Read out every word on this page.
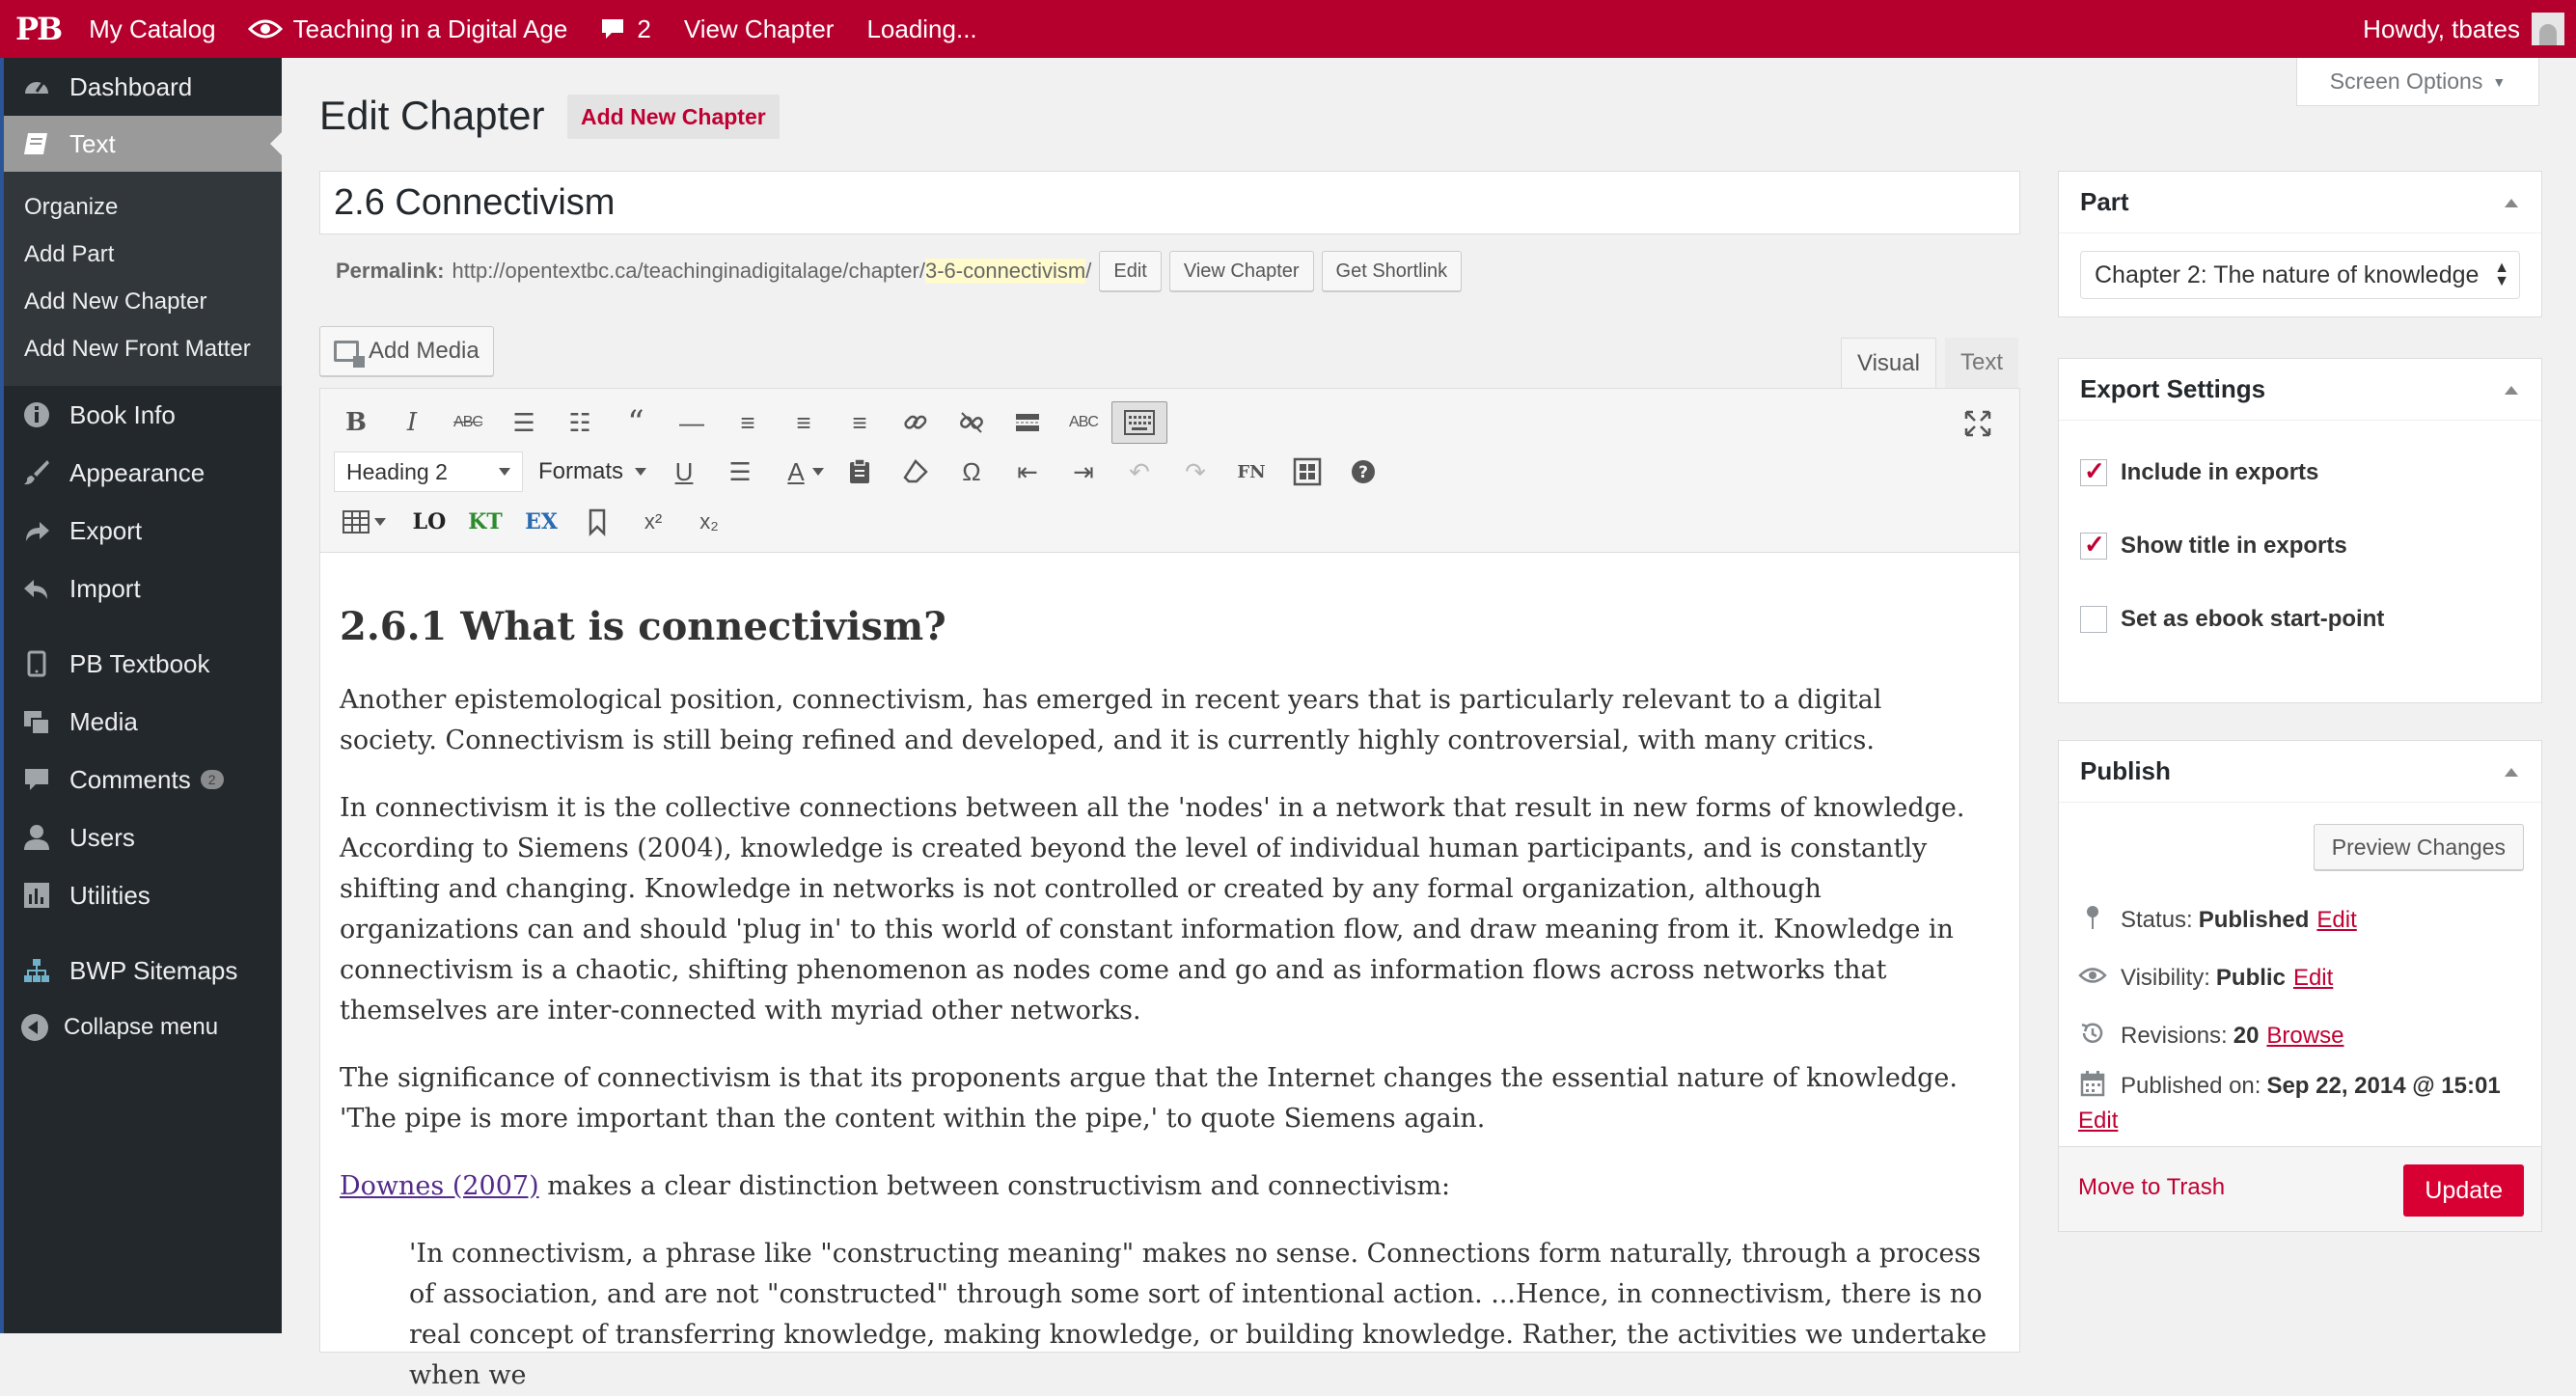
PB	My Catalog	Teaching in a Digital Age	2	View Chapter	Loading...	Howdy, tbates
Dashboard
Text
Organize
Add Part
Add New Chapter
Add New Front Matter
Book Info
Appearance
Export
Import
PB Textbook
Media
Comments	2
Users
Utilities
BWP Sitemaps
Collapse menu
Screen Options ▼
Edit Chapter	Add New Chapter
2.6 Connectivism
Permalink: http://opentextbc.ca/teachinginadigitalage/chapter/ 3-6-connectivism /	Edit	View Chapter	Get Shortlink
Add Media	Visual	Text
B	I	ABC	☰	☷	“	—	≡	≡	≡	ABC
Heading 2	Formats	U	☰	A	Ω	⇤	⇥	↶	↷	FN	?
LO	KT	EX	x²	x₂
2.6.1 What is connectivism?

Another epistemological position, connectivism, has emerged in recent years that is particularly relevant to a digital
society. Connectivism is still being refined and developed, and it is currently highly controversial, with many critics.

In connectivism it is the collective connections between all the 'nodes' in a network that result in new forms of knowledge. According to Siemens (2004), knowledge is created beyond the level of individual human participants, and is constantly shifting and changing. Knowledge in networks is not controlled or created by any formal organization, although organizations can and should 'plug in' to this world of constant information flow, and draw meaning from it. Knowledge in connectivism is a chaotic, shifting phenomenon as nodes come and go and as information flows across networks that themselves are inter-connected with myriad other networks.

The significance of connectivism is that its proponents argue that the Internet changes the essential nature of knowledge. 'The pipe is more important than the content within the pipe,' to quote Siemens again.

Downes (2007) makes a clear distinction between constructivism and connectivism:

'In connectivism, a phrase like "constructing meaning" makes no sense. Connections form naturally, through a process of association, and are not "constructed" through some sort of intentional action. ...Hence, in connectivism, there is no real concept of transferring knowledge, making knowledge, or building knowledge. Rather, the activities we undertake when we
Part
Chapter 2: The nature of knowledge ▲
▼
Export Settings
✓
Include in exports
✓
Show title in exports
Set as ebook start-point
Publish
Preview Changes
Status: Published Edit
Visibility: Public Edit
Revisions: 20 Browse
Published on: Sep 22, 2014 @ 15:01
Edit
Move to Trash	Update
